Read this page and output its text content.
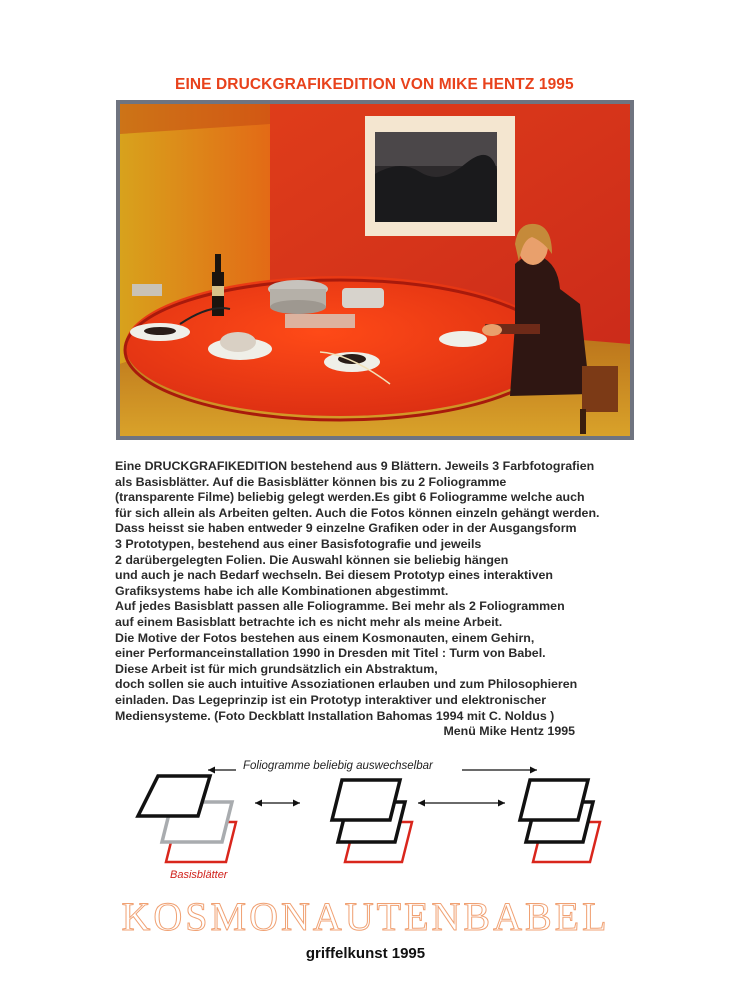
EINE DRUCKGRAFIKEDITION VON MIKE HENTZ 1995
Eine DRUCKGRAFIKEDITION bestehend aus 9 Blättern. Jeweils 3 Farbfotografien
als Basisblätter. Auf die Basisblätter können bis zu 2 Foliogramme
(transparente Filme) beliebig gelegt werden.Es gibt 6 Foliogramme welche auch
für sich allein als Arbeiten gelten. Auch die Fotos können einzeln gehängt werden.
Dass heisst sie haben entweder 9 einzelne Grafiken oder in der Ausgangsform
3 Prototypen, bestehend aus einer Basisfotografie und jeweils
2 darübergelegten Folien. Die Auswahl können sie beliebig hängen
und auch je nach Bedarf wechseln. Bei diesem Prototyp eines interaktiven
Grafiksystems habe ich alle Kombinationen abgestimmt.
Auf jedes Basisblatt passen alle Foliogramme. Bei mehr als 2 Foliogrammen
auf einem Basisblatt betrachte ich es nicht mehr als meine Arbeit.
Die Motive der Fotos bestehen aus einem Kosmonauten, einem Gehirn,
einer Performanceinstallation 1990 in Dresden mit Titel : Turm von Babel.
Diese Arbeit ist für mich grundsätzlich ein Abstraktum,
doch sollen sie auch intuitive Assoziationen erlauben und zum Philosophieren
einladen. Das Legeprinzip ist ein Prototyp interaktiver und elektronischer
Mediensysteme. (Foto Deckblatt Installation Bahomas 1994 mit C. Noldus )
Menü Mike Hentz 1995
Foliogramme beliebig auswechselbar
Basisblätter
KOSMONAUTENBABEL
griffelkunst 1995
